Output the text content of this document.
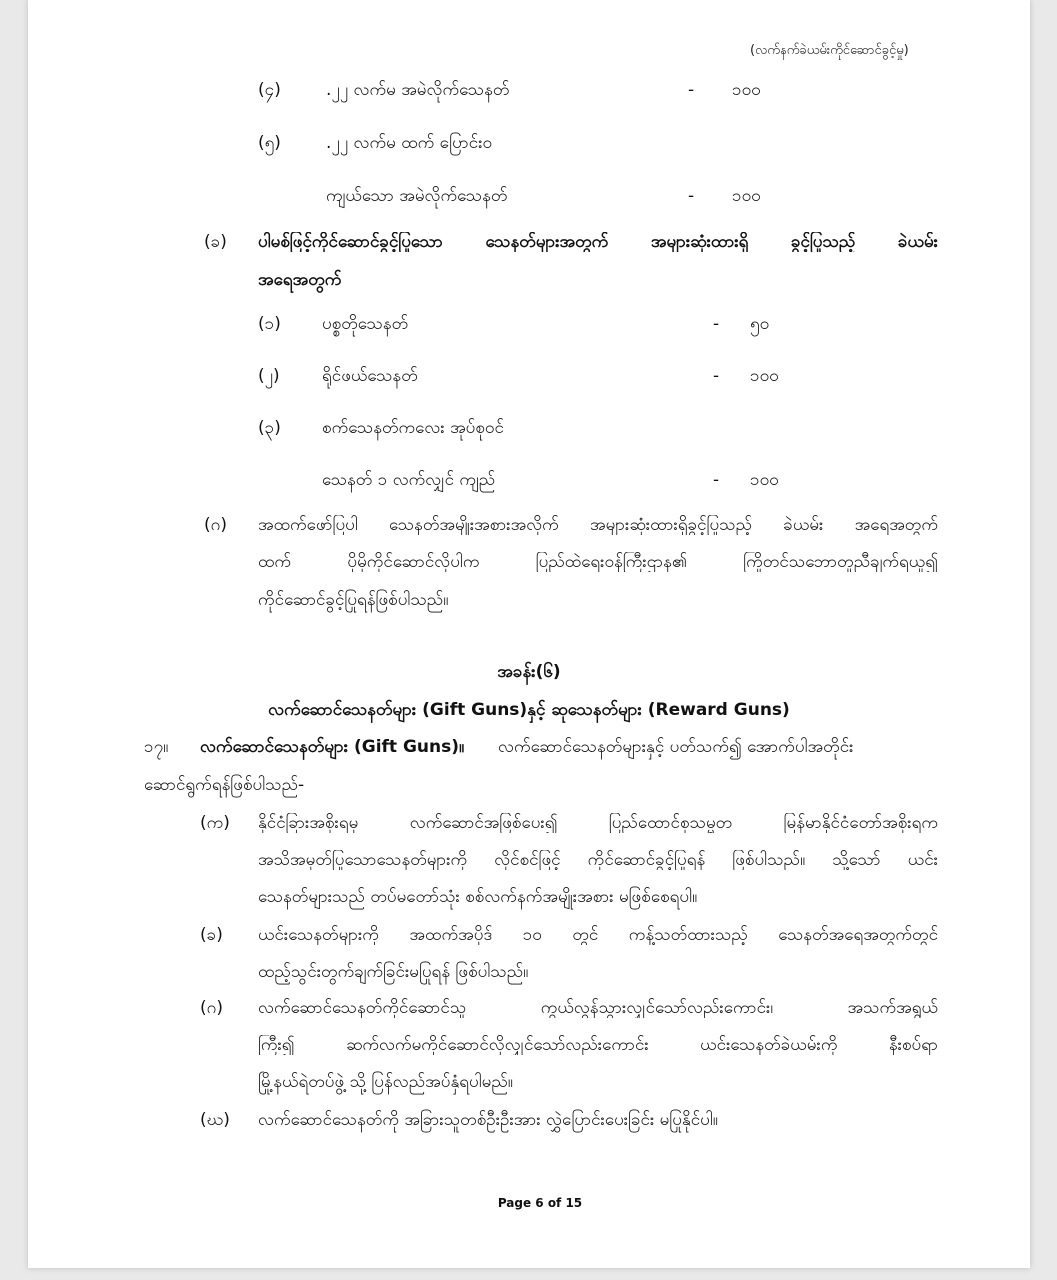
(လက်နက်ခဲယမ်းကိုင်ဆောင်ခွင့်မှု)
(၄)	.၂၂ လက်မ အမဲလိုက်သေနတ်	- ၁၀၀
(၅)	.၂၂ လက်မ ထက် ပြောင်း၀
ကျယ်သော အမဲလိုက်သေနတ်	- ၁၀၀
(ခ) ပါမစ်ဖြင့်ကိုင်ဆောင်ခွင့်ပြုသော သေနတ်များအတွက် အများဆုံးထားရှိ ခွင့်ပြုသည့် ခဲယမ်း
အရေအတွက်
(၁) ပစ္စတိုသေနတ်	- ၅၀
(၂) ရိုင်ဖယ်သေနတ်	- ၁၀၀
(၃) စက်သေနတ်ကလေး အုပ်စုဝင်
သေနတ် ၁ လက်လျှင် ကျည်	- ၁၀၀
(ဂ) အထက်ဖော်ပြပါ သေနတ်အမျိုးအစားအလိုက် အများဆုံးထားရှိခွင့်ပြုသည့် ခဲယမ်း အရေအတွက်
ထက် ပိုမိုကိုင်ဆောင်လိုပါက ပြည်ထဲရေးဝန်ကြီးဌာန၏ ကြိုတင်သဘောတူညီချက်ရယူ၍
ကိုင်ဆောင်ခွင့်ပြုရန်ဖြစ်ပါသည်။
အခန်း(၆)
လက်ဆောင်သေနတ်များ (Gift Guns)နှင့် ဆုသေနတ်များ (Reward Guns)
၁၇။ လက်ဆောင်သေနတ်များ (Gift Guns)။ လက်ဆောင်သေနတ်များနှင့် ပတ်သက်၍ အောက်ပါအတိုင်း
ဆောင်ရွက်ရန်ဖြစ်ပါသည်-
(က) နိုင်ငံခြားအစိုးရမှ လက်ဆောင်အဖြစ်ပေး၍ ပြည်ထောင်စုသမ္မတ မြန်မာနိုင်ငံတော်အစိုးရက
အသိအမှတ်ပြုသောသေနတ်များကို လိုင်စင်ဖြင့် ကိုင်ဆောင်ခွင့်ပြုရန် ဖြစ်ပါသည်။ သို့သော် ယင်း
သေနတ်များသည် တပ်မတော်သုံး စစ်လက်နက်အမျိုးအစား မဖြစ်စေရပါ။
(ခ) ယင်းသေနတ်များကို အထက်အပိုဒ် ၁၀ တွင် ကန့်သတ်ထားသည့် သေနတ်အရေအတွက်တွင်
ထည့်သွင်းတွက်ချက်ခြင်းမပြုရန် ဖြစ်ပါသည်။
(ဂ) လက်ဆောင်သေနတ်ကိုင်ဆောင်သူ ကွယ်လွန်သွားလျှင်သော်လည်းကောင်း၊ အသက်အရွယ်
ကြီး၍ ဆက်လက်မကိုင်ဆောင်လိုလျှင်သော်လည်းကောင်း ယင်းသေနတ်ခဲယမ်းကို နီးစပ်ရာ
မြို့နယ်ရဲတပ်ဖွဲ့ သို့ ပြန်လည်အပ်နှံရပါမည်။
(ဃ) လက်ဆောင်သေနတ်ကို အခြားသူတစ်ဦးဦးအား လွှဲပြောင်းပေးခြင်း မပြုနိုင်ပါ။
Page 6 of 15
